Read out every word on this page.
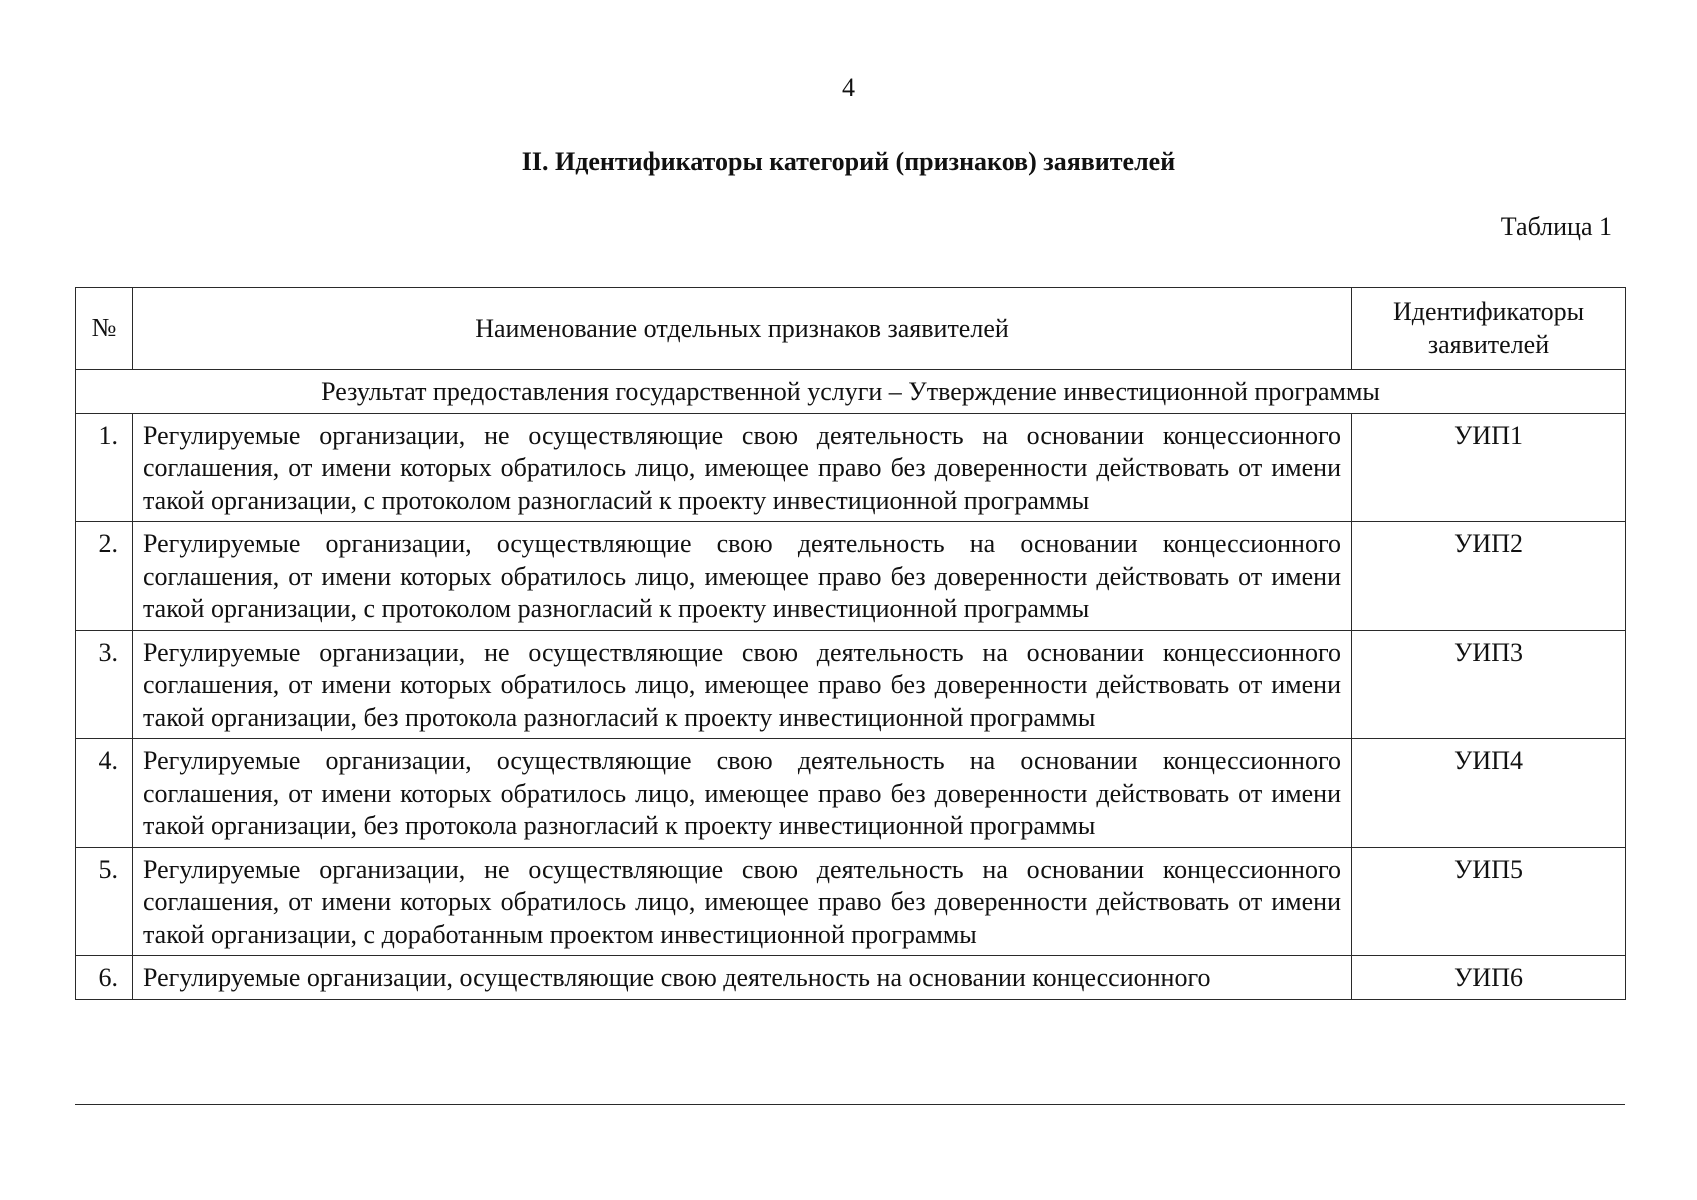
4
II. Идентификаторы категорий (признаков) заявителей
Таблица 1
№	Наименование отдельных признаков заявителей	Идентификаторы заявителей
Результат предоставления государственной услуги – Утверждение инвестиционной программы		
1.	Регулируемые организации, не осуществляющие свою деятельность на основании концессионного соглашения, от имени которых обратилось лицо, имеющее право без доверенности действовать от имени такой организации, с протоколом разногласий к проекту инвестиционной программы	УИП1
2.	Регулируемые организации, осуществляющие свою деятельность на основании концессионного соглашения, от имени которых обратилось лицо, имеющее право без доверенности действовать от имени такой организации, с протоколом разногласий к проекту инвестиционной программы	УИП2
3.	Регулируемые организации, не осуществляющие свою деятельность на основании концессионного соглашения, от имени которых обратилось лицо, имеющее право без доверенности действовать от имени такой организации, без протокола разногласий к проекту инвестиционной программы	УИП3
4.	Регулируемые организации, осуществляющие свою деятельность на основании концессионного соглашения, от имени которых обратилось лицо, имеющее право без доверенности действовать от имени такой организации, без протокола разногласий к проекту инвестиционной программы	УИП4
5.	Регулируемые организации, не осуществляющие свою деятельность на основании концессионного соглашения, от имени которых обратилось лицо, имеющее право без доверенности действовать от имени такой организации, с доработанным проектом инвестиционной программы	УИП5
6.	Регулируемые организации, осуществляющие свою деятельность на основании концессионного	УИП6
